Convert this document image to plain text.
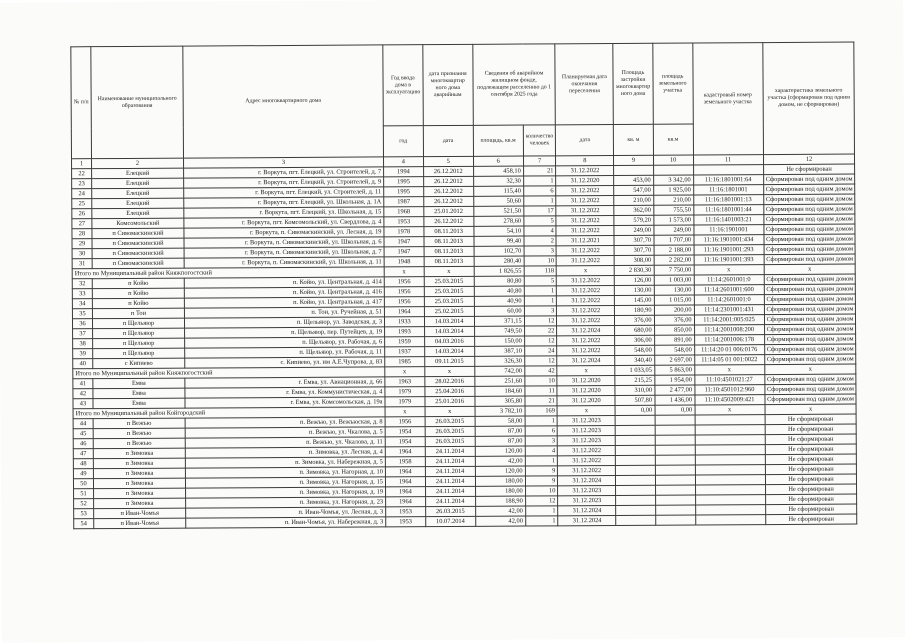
№ п/п	Наименование муниципального образования	Адрес многоквартирного дома	Год ввода дома в эксплуатацию	дата признания многоквартир ного дома аварийным	Сведения об аварийном жилищном фонде, подлежащем расселению до 1 сентября 2025 года		Планируемая дата окончания переселения	Площадь застройки многоквартир ного дома	площадь земельного участка	кадастровый номер земельного участка	характеристика земельного участка (сформирован под одним домом, не сформирован)
			год	дата	площадь, кв.м	количество человек	дата	кв. м	кв.м		
1	2	3	4	5	6	7	8	9	10	11	12
22	Елецкий	г. Воркута, пгт. Елецкий, ул. Строителей, д. 7	1994	26.12.2012	458,10	21	31.12.2022				Не сформирован
23	Елецкий	г. Воркута, пгт. Елецкий, ул. Строителей, д. 9	1995	26.12.2012	32,30	1	31.12.2020	453,00	3 342,00	11:16:1801001:64	Сформирован под одним домом
24	Елецкий	г. Воркута, пгт. Елецкий, ул. Строителей, д. 11	1995	26.12.2012	115,40	6	31.12.2022	547,00	1 925,00	11:16:1801001	Сформирован под одним домом
25	Елецкий	г. Воркута, пгт. Елецкий, ул. Школьная, д. 1А	1987	26.12.2012	50,60	1	31.12.2022	210,00	210,00	11:16:1801001:13	Сформирован под одним домом
26	Елецкий	г. Воркута, пгт. Елецкий, ул. Школьная, д. 15	1968	25.01.2012	521,50	17	31.12.2022	362,00	755,50	11:16:1801001:44	Сформирован под одним домом
27	Комсомольский	г. Воркута, пгт. Комсомольский, ул. Свердлова, д. 4	1953	26.12.2012	278,60	5	31.12.2022	579,20	1 573,00	11:16:1401003:21	Сформирован под одним домом
28	п Сивомаскинский	г. Воркута, п. Сивомаскинский, ул. Лесная, д. 19	1978	08.11.2013	54,10	4	31.12.2022	249,00	249,00	11:16:1901001	Сформирован под одним домом
29	п Сивомаскинский	г. Воркута, п. Сивомаскинский, ул. Школьная, д. 6	1947	08.11.2013	99,40	2	31.12.2021	307,70	1 707,00	11:16:1901001:434	Сформирован под одним домом
30	п Сивомаскинский	г. Воркута, п. Сивомаскинский, ул. Школьная, д. 7	1947	08.11.2013	102,70	3	31.12.2022	307,70	2 188,00	11:16:1901001:293	Сформирован под одним домом
31	п Сивомаскинский	г. Воркута, п. Сивомаскинский, ул. Школьная, д. 11	1948	08.11.2013	280,40	10	31.12.2022	308,00	2 282,00	11:16:1901001:393	Сформирован под одним домом
Итого по Муниципальный район Княжпогостский			x	x	1 826,55	118	x	2 830,30	7 750,00	x	x
32	п Койю	п. Койю, ул. Центральная, д. 414	1956	25.03.2015	80,80	5	31.12.2022	126,00	1 003,00	11:14:2601001:0	Сформирован под одним домом
33	п Койю	п. Койю, ул. Центральная, д. 416	1956	25.03.2015	40,80	1	31.12.2022	130,00	130,00	11:14:2601001:600	Сформирован под одним домом
34	п Койю	п. Койю, ул. Центральная, д. 417	1956	25.03.2015	40,90	1	31.12.2022	145,00	1 015,00	11:14:2601001:0	Сформирован под одним домом
35	п Тои	п. Тои, ул. Ручейная, д. 51	1964	25.02.2015	60,00	3	31.12.2022	180,90	200,00	11:14:2301001:431	Сформирован под одним домом
36	п Щельяюр	п. Щельяюр, ул. Заводская, д. 3	1933	14.03.2014	371,15	12	31.12.2022	376,00	376,00	11:14:2001:005:025	Сформирован под одним домом
37	п Щельяюр	п. Щельяюр, пер. Путейцев, д. 19	1993	14.03.2014	749,50	22	31.12.2024	680,00	850,00	11:14:2001008:200	Сформирован под одним домом
38	п Щельяюр	п. Щельяюр, ул. Рабочая, д. 6	1959	04.03.2016	150,00	12	31.12.2022	306,00	891,00	11:14:2001006:178	Сформирован под одним домом
39	п Щельяюр	п. Щельяюр, ул. Рабочая, д. 11	1937	14.03.2014	387,10	24	31.12.2022	548,00	548,00	11:14:20 01 006:0176	Сформирован под одним домом
40	с Кипиево	с. Кипиево, ул. им А.Е.Чупрова, д. 83	1985	09.11.2015	326,30	12	31.12.2024	340,40	2 697,00	11:14:05 01 001:0022	Сформирован под одним домом
Итого по Муниципальный район Княжпогостский			x	x	742,00	42	x	1 033,05	5 863,00	x	x
41	Емва	г. Емва, ул. Авиационная, д. 66	1963	28.02.2016	251,60	10	31.12.2020	215,25	1 954,00	11:10:4501021:27	Сформирован под одним домом
42	Емва	г. Емва, ул. Коммунистическая, д. 4	1979	25.04.2016	184,60	11	31.12.2020	310,00	2 477,00	11:10:4501012:960	Сформирован под одним домом
43	Емва	г. Емва, ул. Комсомольская, д. 19а	1979	25.01.2016	305,80	21	31.12.2020	507,80	1 436,00	11:10:4502009:421	Сформирован под одним домом
Итого по Муниципальный район Койгородский			x	x	3 782,10	169	x	0,00	0,00	x	x
44	п Вежъю	п. Вежъю, ул. Вежъюская, д. 8	1956	26.03.2015	58,00	1	31.12.2023				Не сформирован
45	п Вежъю	п. Вежъю, ул. Чкалова, д. 5	1954	26.03.2015	87,00	6	31.12.2023				Не сформирован
46	п Вежъю	п. Вежъю, ул. Чкалова, д. 11	1954	26.03.2015	87,00	3	31.12.2023				Не сформирован
47	п Зимовка	п. Зимовка, ул. Лесная, д. 4	1964	24.11.2014	120,00	4	31.12.2022				Не сформирован
48	п Зимовка	п. Зимовка, ул. Набережная, д. 5	1958	24.11.2014	42,00	1	31.12.2022				Не сформирован
49	п Зимовка	п. Зимовка, ул. Нагорная, д. 10	1964	24.11.2014	120,00	9	31.12.2022				Не сформирован
50	п Зимовка	п. Зимовка, ул. Нагорная, д. 15	1964	24.11.2014	180,00	9	31.12.2024				Не сформирован
51	п Зимовка	п. Зимовка, ул. Нагорная, д. 19	1964	24.11.2014	180,00	10	31.12.2023				Не сформирован
52	п Зимовка	п. Зимовка, ул. Нагорная, д. 23	1964	24.11.2014	188,90	12	31.12.2023				Не сформирован
53	п Иван-Чомъя	п. Иван-Чомъя, ул. Лесная, д. 3	1953	26.03.2015	42,00	1	31.12.2024				Не сформирован
54	п Иван-Чомъя	п. Иван-Чомъя, ул. Набережная, д. 3	1953	10.07.2014	42,00	1	31.12.2024				Не сформирован
